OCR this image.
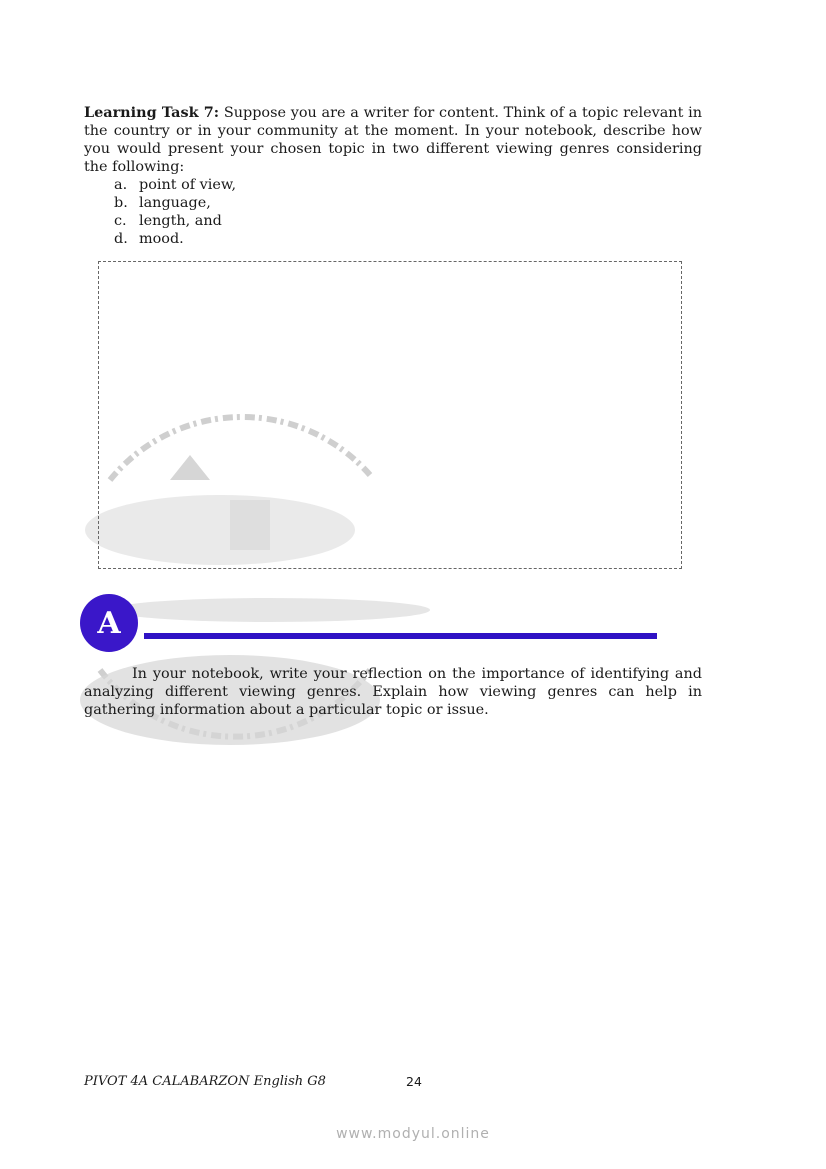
Learning Task 7: Suppose you are a writer for content. Think of a topic relevant in the country or in your community at the moment. In your notebook, describe how you would present your chosen topic in two different viewing genres considering the following:
a. point of view,
b. language,
c. length, and
d. mood.
A

In your notebook, write your reflection on the importance of identifying and analyzing different viewing genres. Explain how viewing genres can help in gathering information about a particular topic or issue.

PIVOT 4A CALABARZON English G8	24
www.modyul.online
